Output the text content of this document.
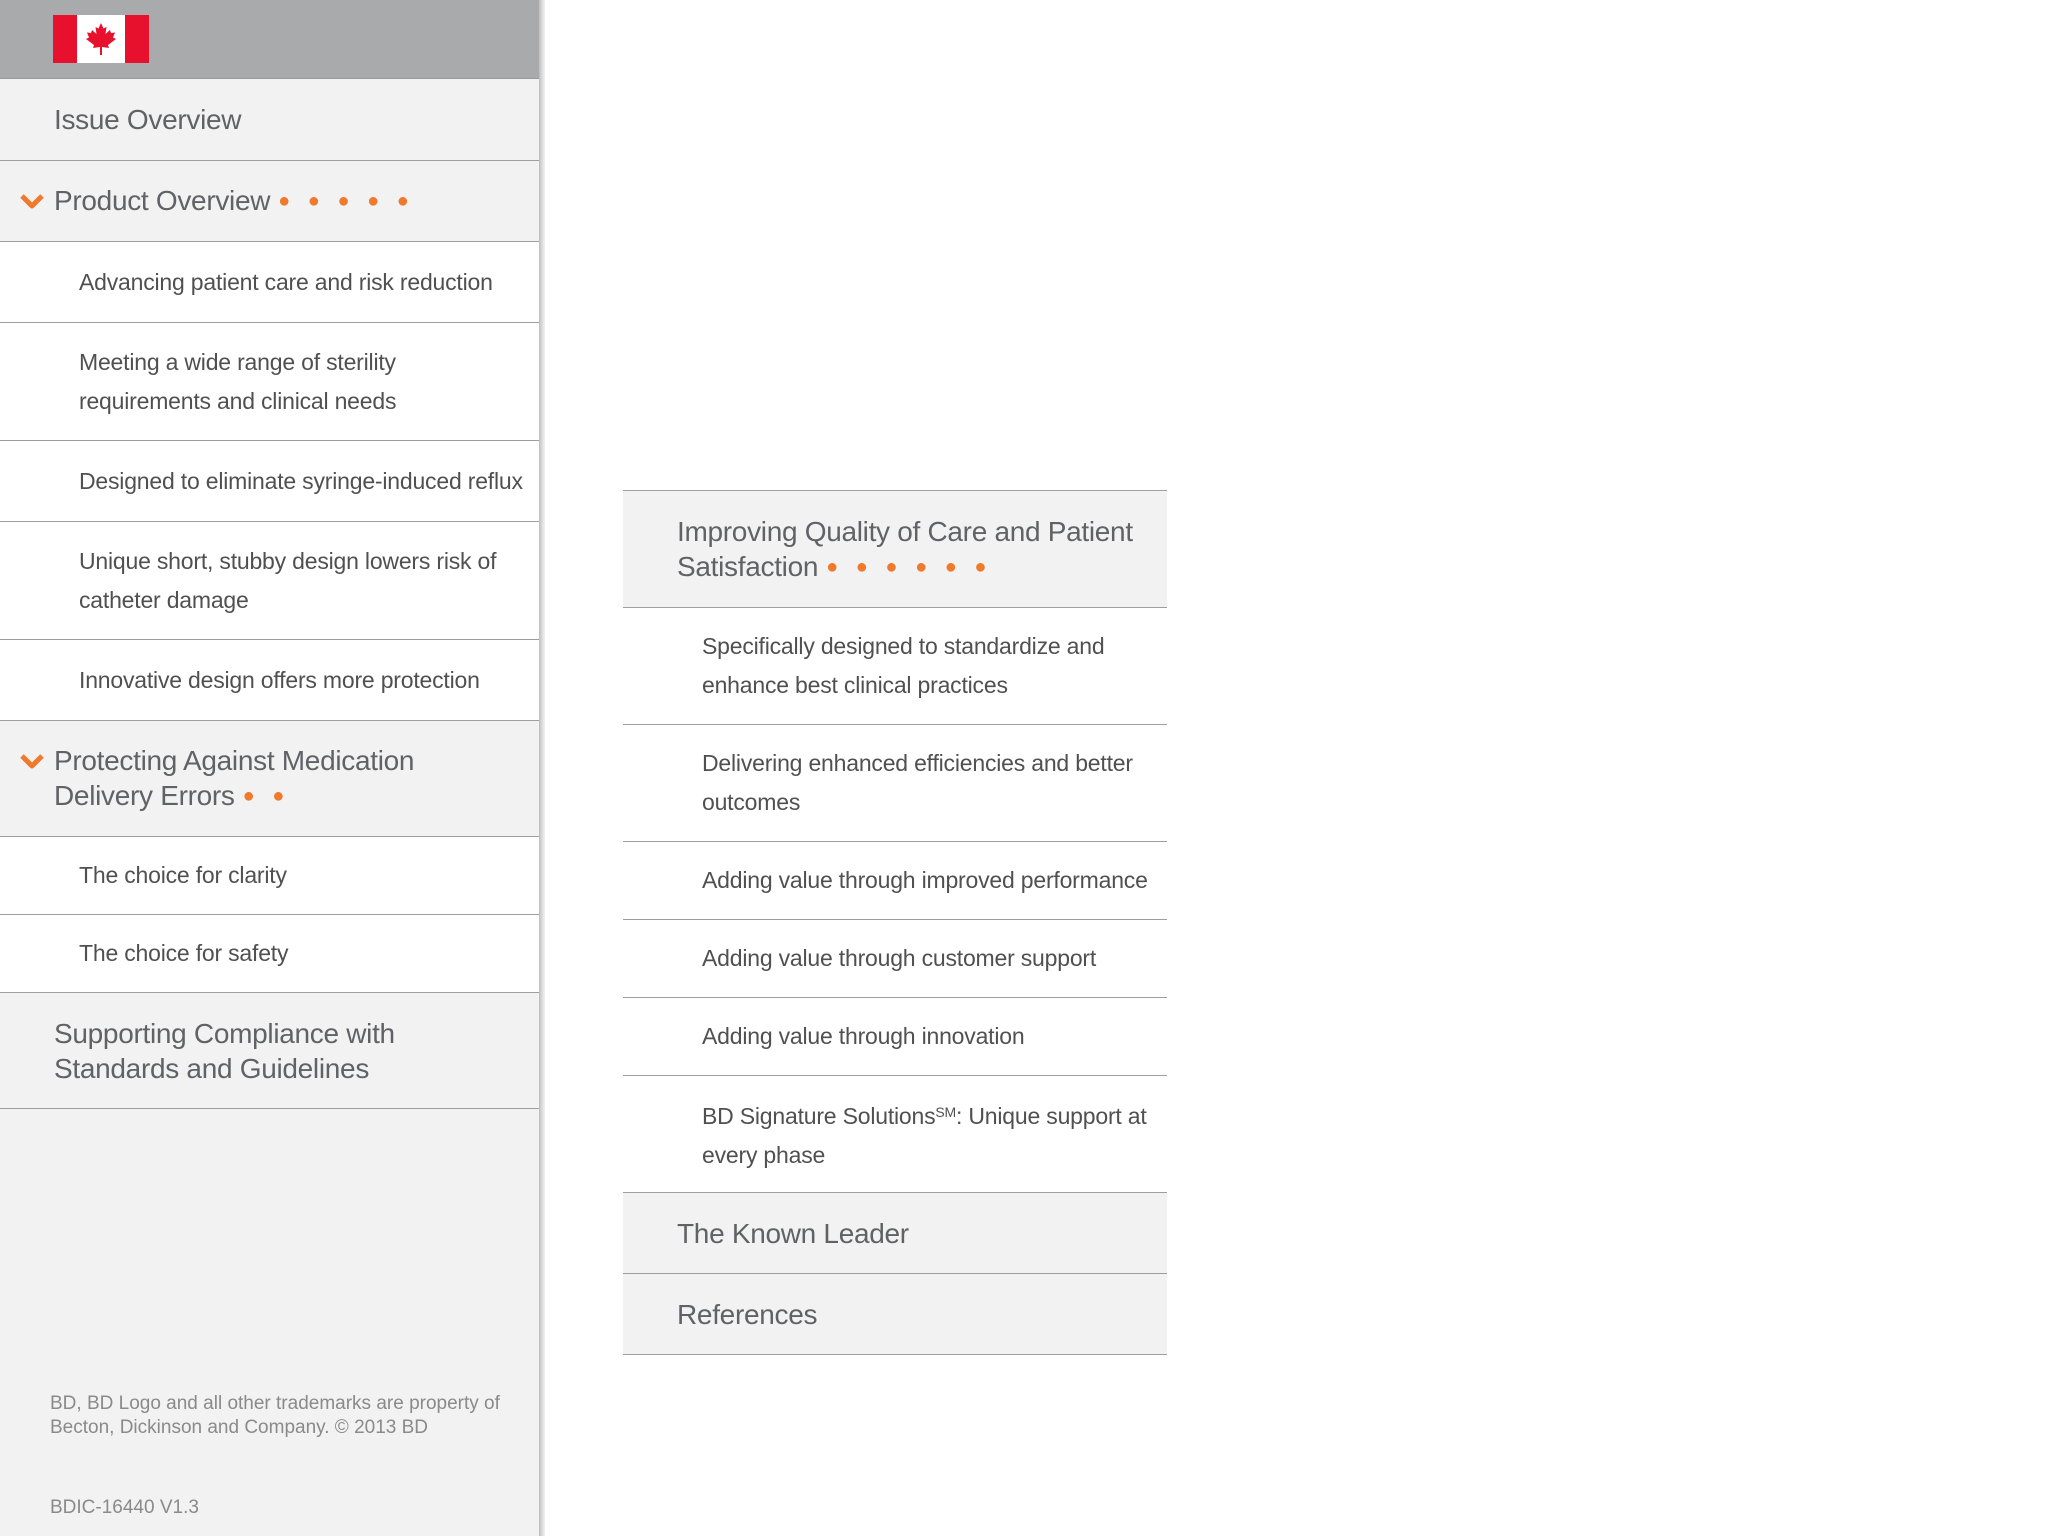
Issue Overview
Product Overview ● ● ● ● ●
Advancing patient care and risk reduction
Meeting a wide range of sterility requirements and clinical needs
Designed to eliminate syringe-induced reflux
Unique short, stubby design lowers risk of catheter damage
Innovative design offers more protection
Protecting Against Medication Delivery Errors ● ●
The choice for clarity
The choice for safety
Supporting Compliance with Standards and Guidelines
BD, BD Logo and all other trademarks are property of Becton, Dickinson and Company. © 2013 BD
BDIC-16440 V1.3
Improving Quality of Care and Patient Satisfaction ● ● ● ● ● ●
Specifically designed to standardize and enhance best clinical practices
Delivering enhanced efficiencies and better outcomes
Adding value through improved performance
Adding value through customer support
Adding value through innovation
BD Signature Solutions℠: Unique support at every phase
The Known Leader
References
